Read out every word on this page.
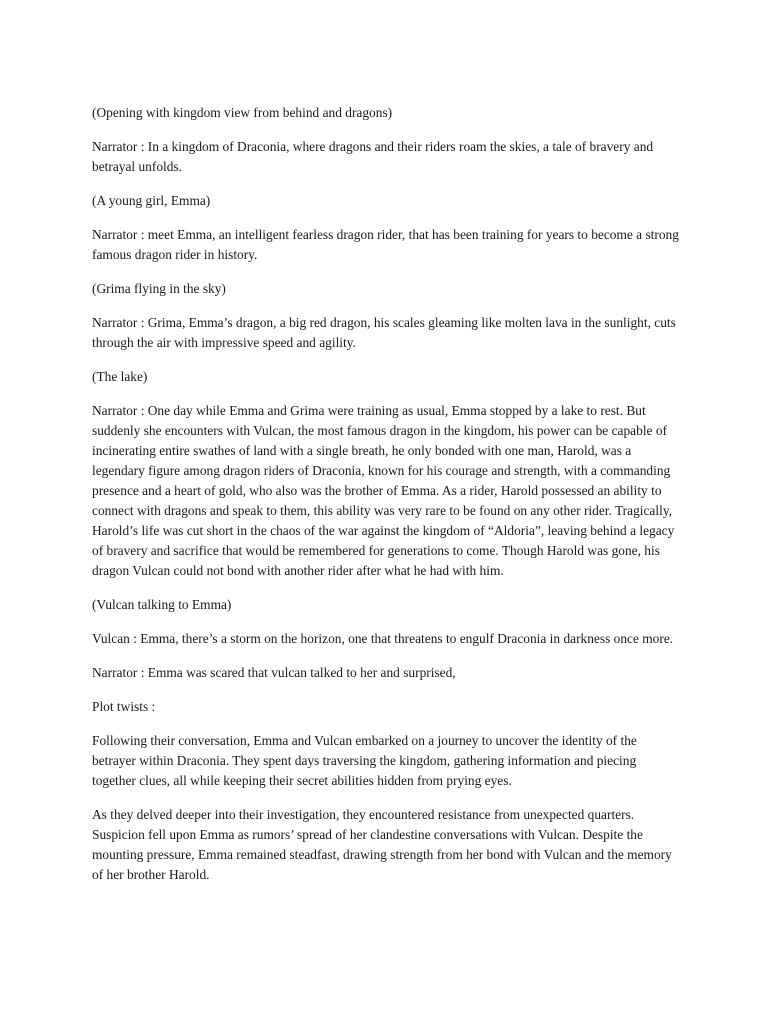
(Opening with kingdom view from behind and dragons)

Narrator : In a kingdom of Draconia, where dragons and their riders roam the skies, a tale of bravery and betrayal unfolds.

(A young girl, Emma)

Narrator : meet Emma, an intelligent fearless dragon rider, that has been training for years to become a strong famous dragon rider in history.

(Grima flying in the sky)

Narrator : Grima, Emma’s dragon, a big red dragon, his scales gleaming like molten lava in the sunlight, cuts through the air with impressive speed and agility.

(The lake)

Narrator : One day while Emma and Grima were training as usual, Emma stopped by a lake to rest. But suddenly she encounters with Vulcan, the most famous dragon in the kingdom, his power can be capable of incinerating entire swathes of land with a single breath, he only bonded with one man, Harold, was a legendary figure among dragon riders of Draconia, known for his courage and strength, with a commanding presence and a heart of gold, who also was the brother of Emma. As a rider, Harold possessed an ability to connect with dragons and speak to them, this ability was very rare to be found on any other rider. Tragically, Harold’s life was cut short in the chaos of the war against the kingdom of “Aldoria”, leaving behind a legacy of bravery and sacrifice that would be remembered for generations to come. Though Harold was gone, his dragon Vulcan could not bond with another rider after what he had with him.

(Vulcan talking to Emma)

Vulcan : Emma, there’s a storm on the horizon, one that threatens to engulf Draconia in darkness once more.

Narrator : Emma was scared that vulcan talked to her and surprised,

Plot twists :

Following their conversation, Emma and Vulcan embarked on a journey to uncover the identity of the betrayer within Draconia. They spent days traversing the kingdom, gathering information and piecing together clues, all while keeping their secret abilities hidden from prying eyes.

As they delved deeper into their investigation, they encountered resistance from unexpected quarters. Suspicion fell upon Emma as rumors’ spread of her clandestine conversations with Vulcan. Despite the mounting pressure, Emma remained steadfast, drawing strength from her bond with Vulcan and the memory of her brother Harold.
